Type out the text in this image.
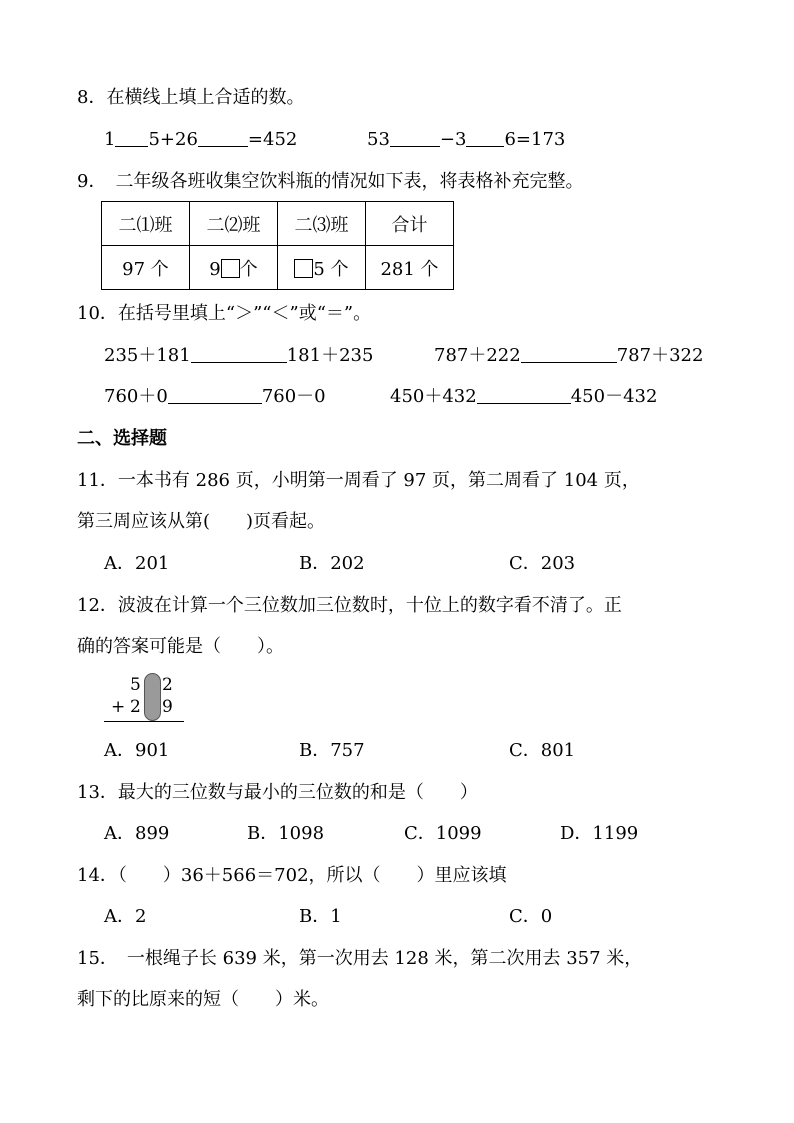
8．在横线上填上合适的数。
1 5+26	=452	53	−3 6=173
9．　二年级各班收集空饮料瓶的情况如下表，将表格补充完整。
二⑴班	二⑵班	二⑶班	合计
97 个	9 个	5 个	281 个
10．在括号里填上“＞”“＜”或“＝”。
235＋181	181＋235	787＋222	787＋322
760＋0	760－0	450＋432	450－432
二、选择题
11．一本书有 286 页，小明第一周看了 97 页，第二周看了 104 页，
第三周应该从第(　　)页看起。
A．201	B．202	C．203
12．波波在计算一个三位数加三位数时，十位上的数字看不清了。正
确的答案可能是（　　）。
5 2
+ 2 9
A．901	B．757	C．801
13．最大的三位数与最小的三位数的和是（　　）
A．899	B．1098	C．1099	D．1199
14．（　　）36＋566＝702，所以（　　）里应该填
A．2	B．1	C．0
15．　一根绳子长 639 米，第一次用去 128 米，第二次用去 357 米，
剩下的比原来的短（　　）米。
